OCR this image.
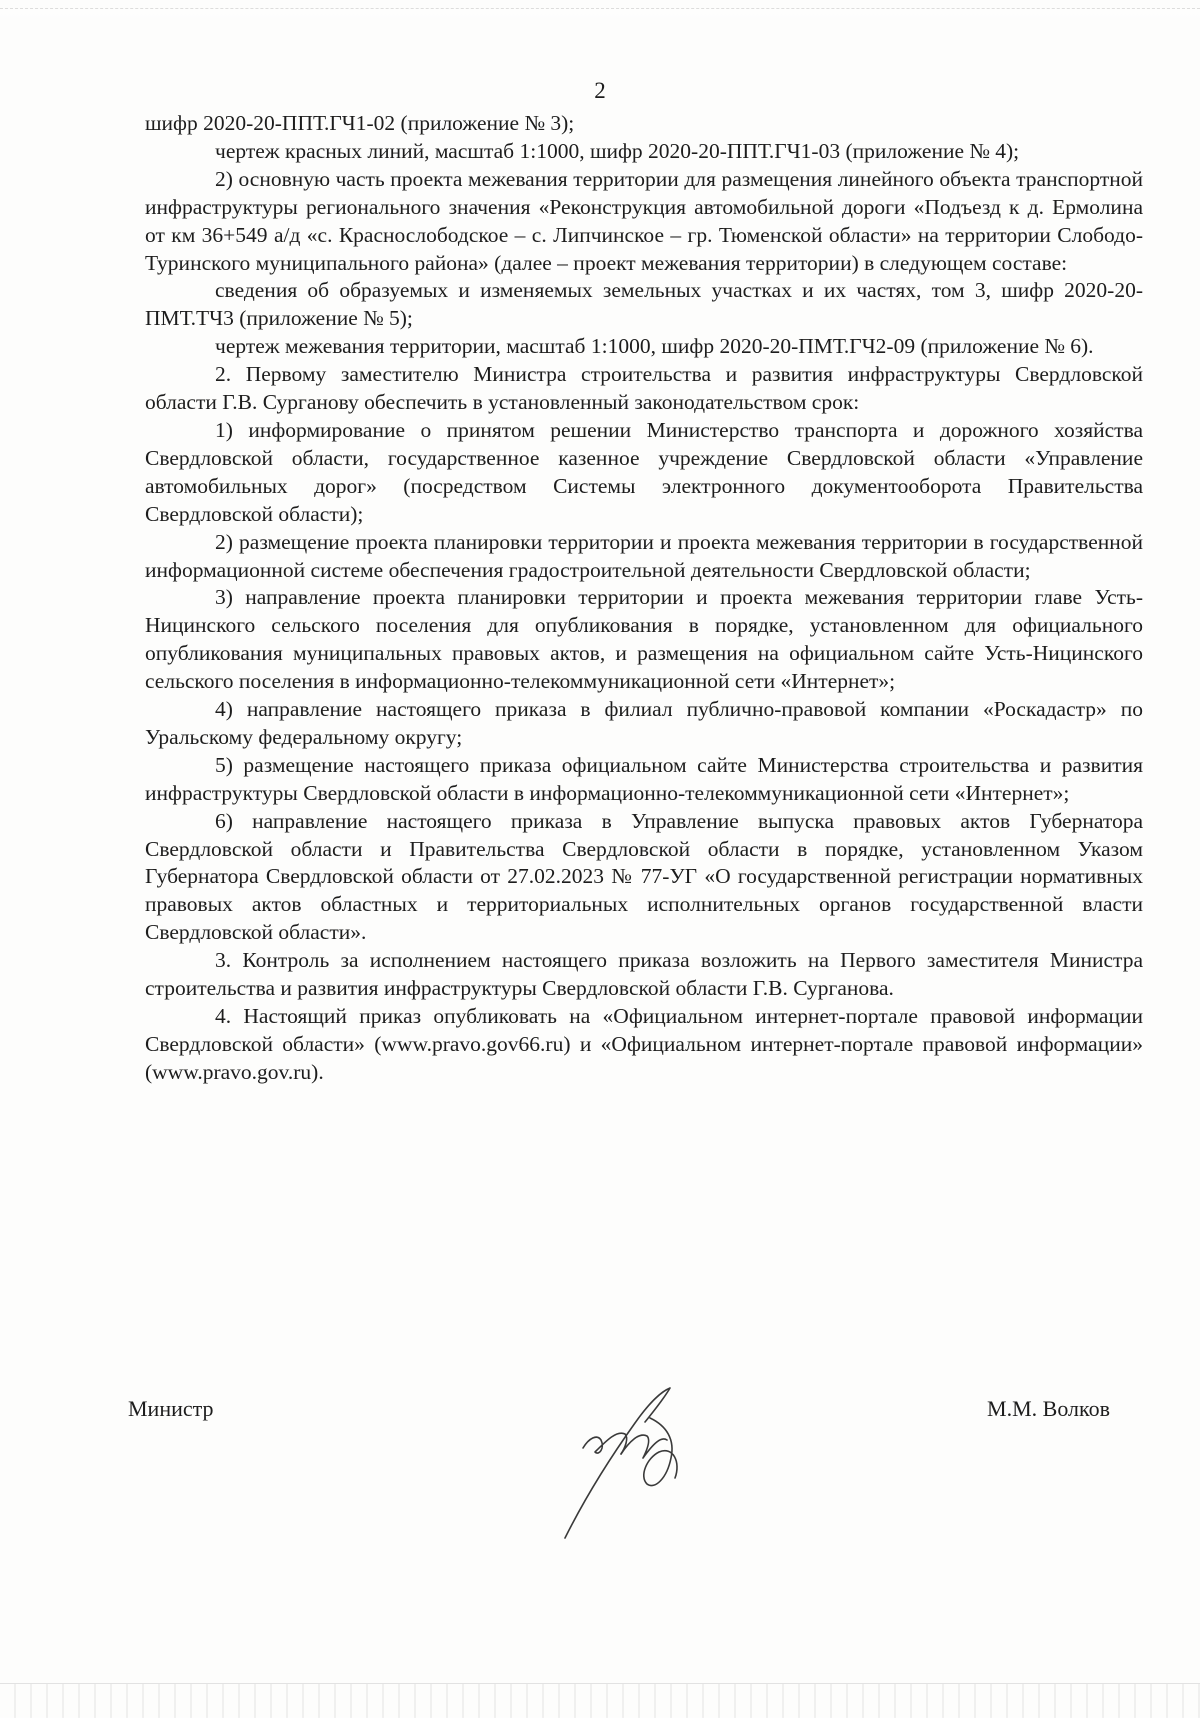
2

шифр 2020-20-ППТ.ГЧ1-02 (приложение № 3);

чертеж красных линий, масштаб 1:1000, шифр 2020-20-ППТ.ГЧ1-03 (приложение № 4);

2) основную часть проекта межевания территории для размещения линейного объекта транспортной инфраструктуры регионального значения «Реконструкция автомобильной дороги «Подъезд к д. Ермолина от км 36+549 а/д «с. Краснослободское – с. Липчинское – гр. Тюменской области» на территории Слободо-Туринского муниципального района» (далее – проект межевания территории) в следующем составе:

сведения об образуемых и изменяемых земельных участках и их частях, том 3, шифр 2020-20-ПМТ.ТЧ3 (приложение № 5);

чертеж межевания территории, масштаб 1:1000, шифр 2020-20-ПМТ.ГЧ2-09 (приложение № 6).

2. Первому заместителю Министра строительства и развития инфраструктуры Свердловской области Г.В. Сурганову обеспечить в установленный законодательством срок:

1) информирование о принятом решении Министерство транспорта и дорожного хозяйства Свердловской области, государственное казенное учреждение Свердловской области «Управление автомобильных дорог» (посредством Системы электронного документооборота Правительства Свердловской области);

2) размещение проекта планировки территории и проекта межевания территории в государственной информационной системе обеспечения градостроительной деятельности Свердловской области;

3) направление проекта планировки территории и проекта межевания территории главе Усть-Ницинского сельского поселения для опубликования в порядке, установленном для официального опубликования муниципальных правовых актов, и размещения на официальном сайте Усть-Ницинского сельского поселения в информационно-телекоммуникационной сети «Интернет»;

4) направление настоящего приказа в филиал публично-правовой компании «Роскадастр» по Уральскому федеральному округу;

5) размещение настоящего приказа официальном сайте Министерства строительства и развития инфраструктуры Свердловской области в информационно-телекоммуникационной сети «Интернет»;

6) направление настоящего приказа в Управление выпуска правовых актов Губернатора Свердловской области и Правительства Свердловской области в порядке, установленном Указом Губернатора Свердловской области от 27.02.2023 № 77-УГ «О государственной регистрации нормативных правовых актов областных и территориальных исполнительных органов государственной власти Свердловской области».

3. Контроль за исполнением настоящего приказа возложить на Первого заместителя Министра строительства и развития инфраструктуры Свердловской области Г.В. Сурганова.

4. Настоящий приказ опубликовать на «Официальном интернет-портале правовой информации Свердловской области» (www.pravo.gov66.ru) и «Официальном интернет-портале правовой информации» (www.pravo.gov.ru).

Министр	М.М. Волков
